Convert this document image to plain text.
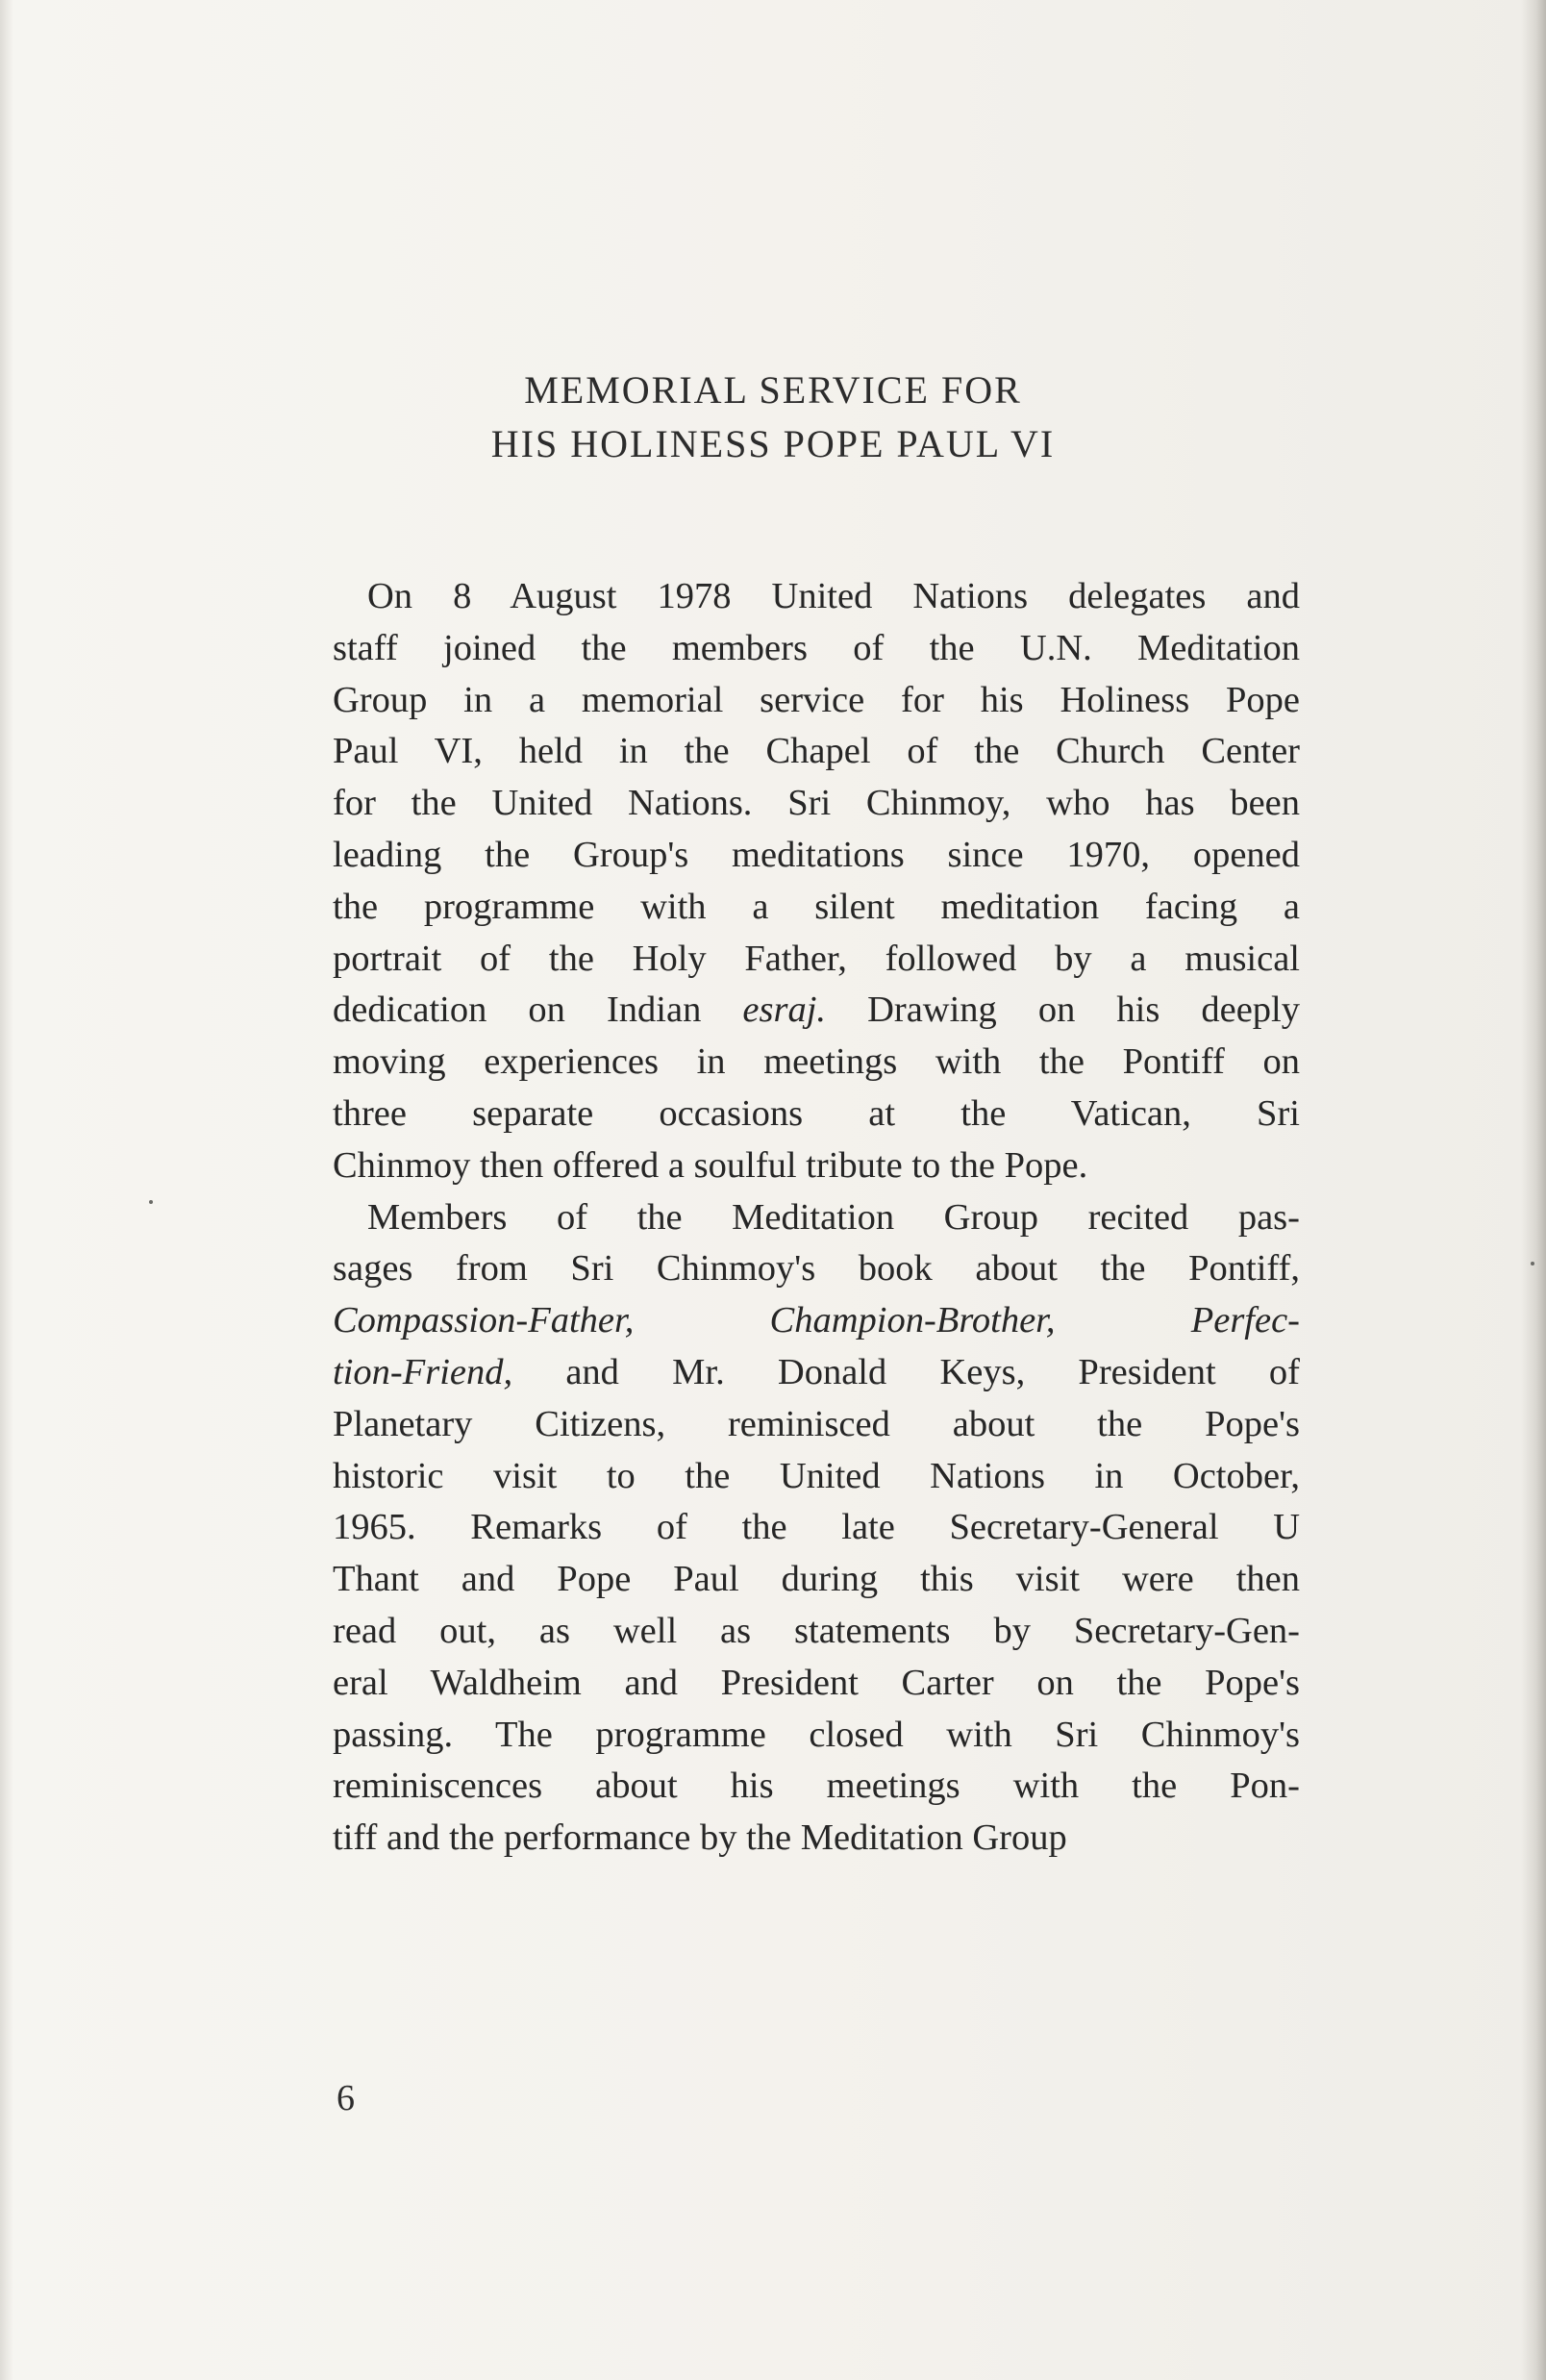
MEMORIAL SERVICE FOR
HIS HOLINESS POPE PAUL VI
On 8 August 1978 United Nations delegates and
staff joined the members of the U.N. Meditation
Group in a memorial service for his Holiness Pope
Paul VI, held in the Chapel of the Church Center
for the United Nations. Sri Chinmoy, who has been
leading the Group's meditations since 1970, opened
the programme with a silent meditation facing a
portrait of the Holy Father, followed by a musical
dedication on Indian esraj. Drawing on his deeply
moving experiences in meetings with the Pontiff on
three separate occasions at the Vatican, Sri
Chinmoy then offered a soulful tribute to the Pope.
Members of the Meditation Group recited pas-
sages from Sri Chinmoy's book about the Pontiff,
Compassion-Father, Champion-Brother, Perfec-
tion-Friend, and Mr. Donald Keys, President of
Planetary Citizens, reminisced about the Pope's
historic visit to the United Nations in October,
1965. Remarks of the late Secretary-General U
Thant and Pope Paul during this visit were then
read out, as well as statements by Secretary-Gen-
eral Waldheim and President Carter on the Pope's
passing. The programme closed with Sri Chinmoy's
reminiscences about his meetings with the Pon-
tiff and the performance by the Meditation Group
6
